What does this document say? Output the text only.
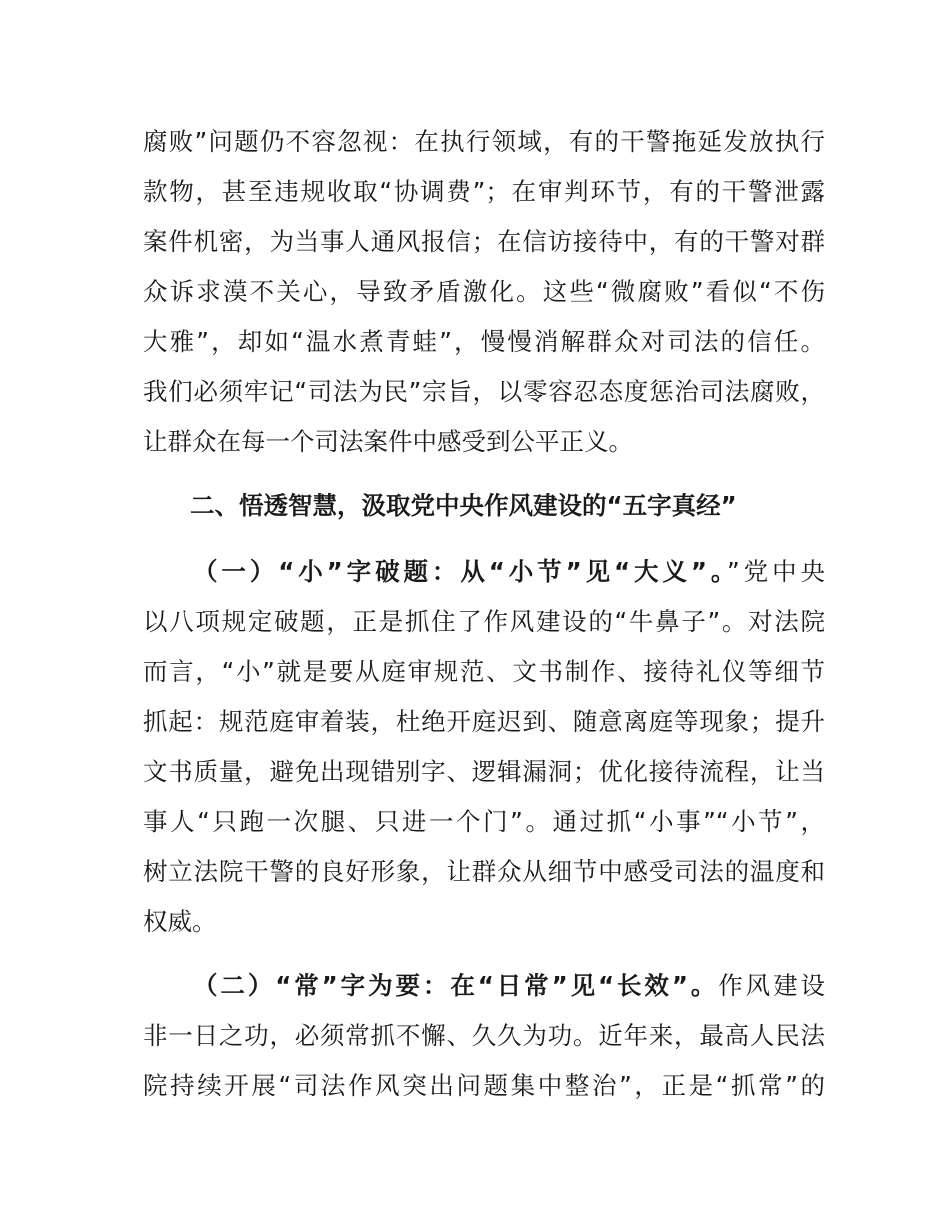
腐败”问题仍不容忽视：在执行领域，有的干警拖延发放执行
款物，甚至违规收取“协调费”；在审判环节，有的干警泄露
案件机密，为当事人通风报信；在信访接待中，有的干警对群
众诉求漠不关心，导致矛盾激化。这些“微腐败”看似“不伤
大雅”，却如“温水煮青蛙”，慢慢消解群众对司法的信任。
我们必须牢记“司法为民”宗旨，以零容忍态度惩治司法腐败，
让群众在每一个司法案件中感受到公平正义。
二、悟透智慧，汲取党中央作风建设的“五字真经”
（一）“小”字破题：从“小节”见“大义”。”党中央
以八项规定破题，正是抓住了作风建设的“牛鼻子”。对法院
而言，“小”就是要从庭审规范、文书制作、接待礼仪等细节
抓起：规范庭审着装，杜绝开庭迟到、随意离庭等现象；提升
文书质量，避免出现错别字、逻辑漏洞；优化接待流程，让当
事人“只跑一次腿、只进一个门”。通过抓“小事”“小节”，
树立法院干警的良好形象，让群众从细节中感受司法的温度和
权威。
（二）“常”字为要：在“日常”见“长效”。作风建设
非一日之功，必须常抓不懈、久久为功。近年来，最高人民法
院持续开展“司法作风突出问题集中整治”，正是“抓常”的
